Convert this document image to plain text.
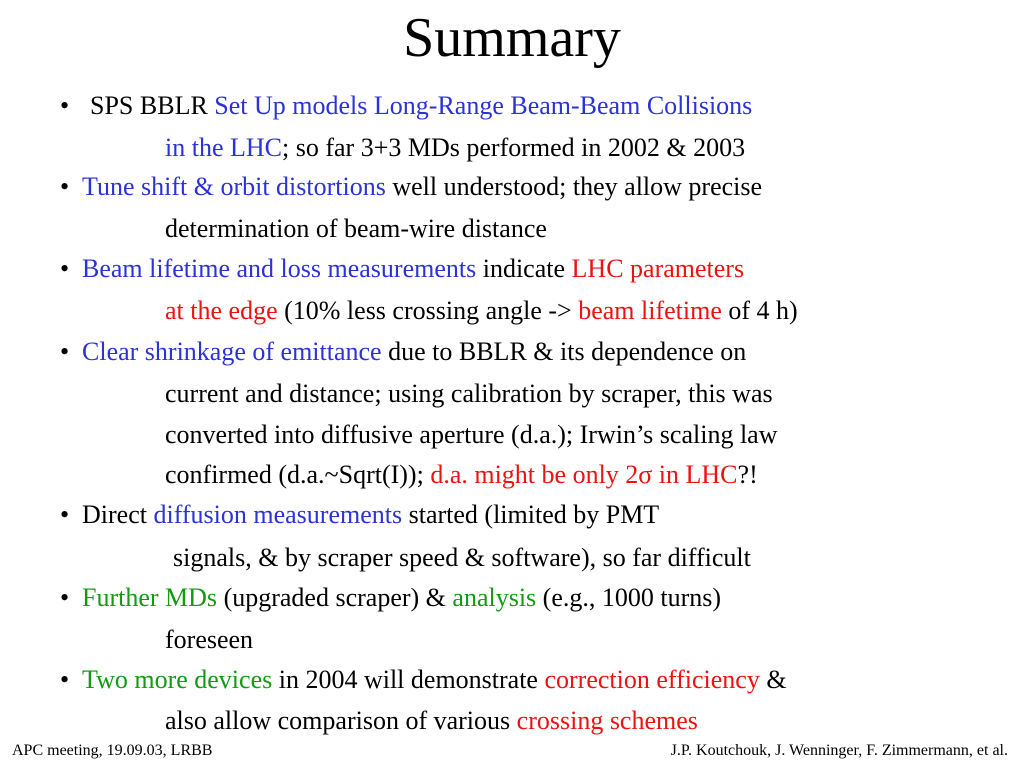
Summary
• SPS BBLR Set Up models Long-Range Beam-Beam Collisions
in the LHC; so far 3+3 MDs performed in 2002 & 2003
• Tune shift & orbit distortions well understood; they allow precise
determination of beam-wire distance
• Beam lifetime and loss measurements indicate LHC parameters
at the edge (10% less crossing angle -> beam lifetime of 4 h)
• Clear shrinkage of emittance due to BBLR & its dependence on
current and distance; using calibration by scraper, this was
converted into diffusive aperture (d.a.); Irwin’s scaling law
confirmed (d.a.~Sqrt(I)); d.a. might be only 2σ in LHC?!
• Direct diffusion measurements started (limited by PMT
signals, & by scraper speed & software), so far difficult
• Further MDs (upgraded scraper) & analysis (e.g., 1000 turns)
foreseen
• Two more devices in 2004 will demonstrate correction efficiency &
also allow comparison of various crossing schemes
APC meeting, 19.09.03, LRBB	J.P. Koutchouk, J. Wenninger, F. Zimmermann, et al.
